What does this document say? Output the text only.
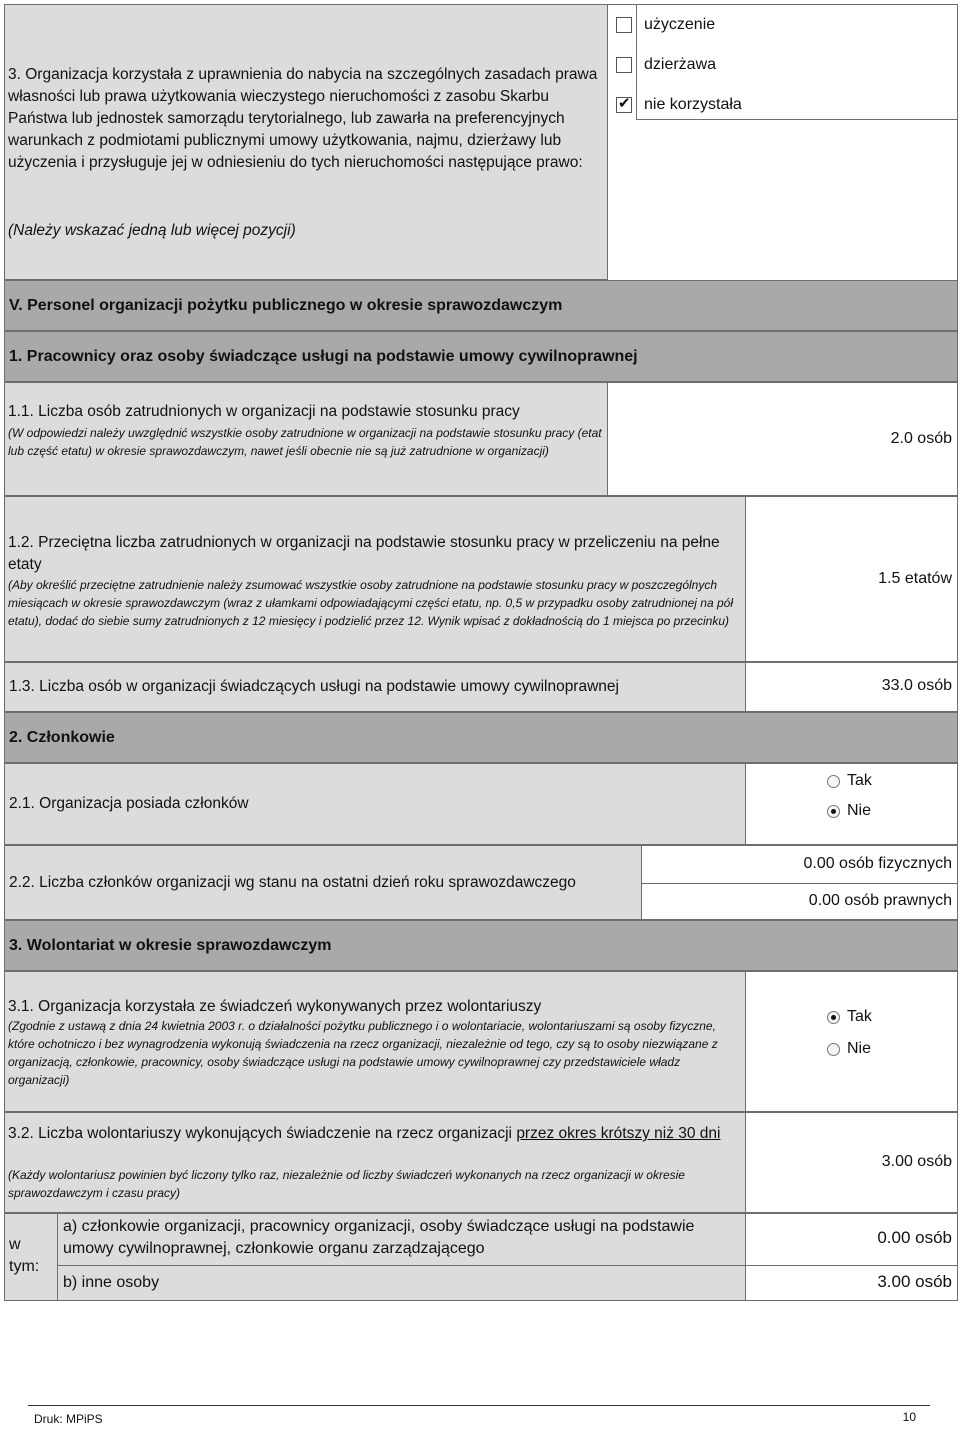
3. Organizacja korzystała z uprawnienia do nabycia na szczególnych zasadach prawa własności lub prawa użytkowania wieczystego nieruchomości z zasobu Skarbu Państwa lub jednostek samorządu terytorialnego, lub zawarła na preferencyjnych warunkach z podmiotami publicznymi umowy użytkowania, najmu, dzierżawy lub użyczenia i przysługuje jej w odniesieniu do tych nieruchomości następujące prawo:
(Należy wskazać jedną lub więcej pozycji)
użyczenie
dzierżawa
✔
nie korzystała
V. Personel organizacji pożytku publicznego w okresie sprawozdawczym
1. Pracownicy oraz osoby świadczące usługi na podstawie umowy cywilnoprawnej
1.1. Liczba osób zatrudnionych w organizacji na podstawie stosunku pracy
(W odpowiedzi należy uwzględnić wszystkie osoby zatrudnione w organizacji na podstawie stosunku pracy (etat lub część etatu) w okresie sprawozdawczym, nawet jeśli obecnie nie są już zatrudnione w organizacji)
2.0 osób
1.2. Przeciętna liczba zatrudnionych w organizacji na podstawie stosunku pracy w przeliczeniu na pełne etaty
(Aby określić przeciętne zatrudnienie należy zsumować wszystkie osoby zatrudnione na podstawie stosunku pracy w poszczególnych miesiącach w okresie sprawozdawczym (wraz z ułamkami odpowiadającymi części etatu, np. 0,5 w przypadku osoby zatrudnionej na pół etatu), dodać do siebie sumy zatrudnionych z 12 miesięcy i podzielić przez 12. Wynik wpisać z dokładnością do 1 miejsca po przecinku)
1.5 etatów
1.3. Liczba osób w organizacji świadczących usługi na podstawie umowy cywilnoprawnej	33.0 osób
2. Członkowie
2.1. Organizacja posiada członków
Tak
Nie
2.2. Liczba członków organizacji wg stanu na ostatni dzień roku sprawozdawczego
0.00 osób fizycznych
0.00 osób prawnych
3. Wolontariat w okresie sprawozdawczym
3.1. Organizacja korzystała ze świadczeń wykonywanych przez wolontariuszy
(Zgodnie z ustawą z dnia 24 kwietnia 2003 r. o działalności pożytku publicznego i o wolontariacie, wolontariuszami są osoby fizyczne, które ochotniczo i bez wynagrodzenia wykonują świadczenia na rzecz organizacji, niezależnie od tego, czy są to osoby niezwiązane z organizacją, członkowie, pracownicy, osoby świadczące usługi na podstawie umowy cywilnoprawnej czy przedstawiciele władz organizacji)
Tak
Nie
3.2. Liczba wolontariuszy wykonujących świadczenie na rzecz organizacji przez okres krótszy niż 30 dni
(Każdy wolontariusz powinien być liczony tylko raz, niezależnie od liczby świadczeń wykonanych na rzecz organizacji w okresie sprawozdawczym i czasu pracy)
3.00 osób
w tym:
a) członkowie organizacji, pracownicy organizacji, osoby świadczące usługi na podstawie umowy cywilnoprawnej, członkowie organu zarządzającego
0.00 osób
b) inne osoby	3.00 osób
Druk: MPiPS	10
